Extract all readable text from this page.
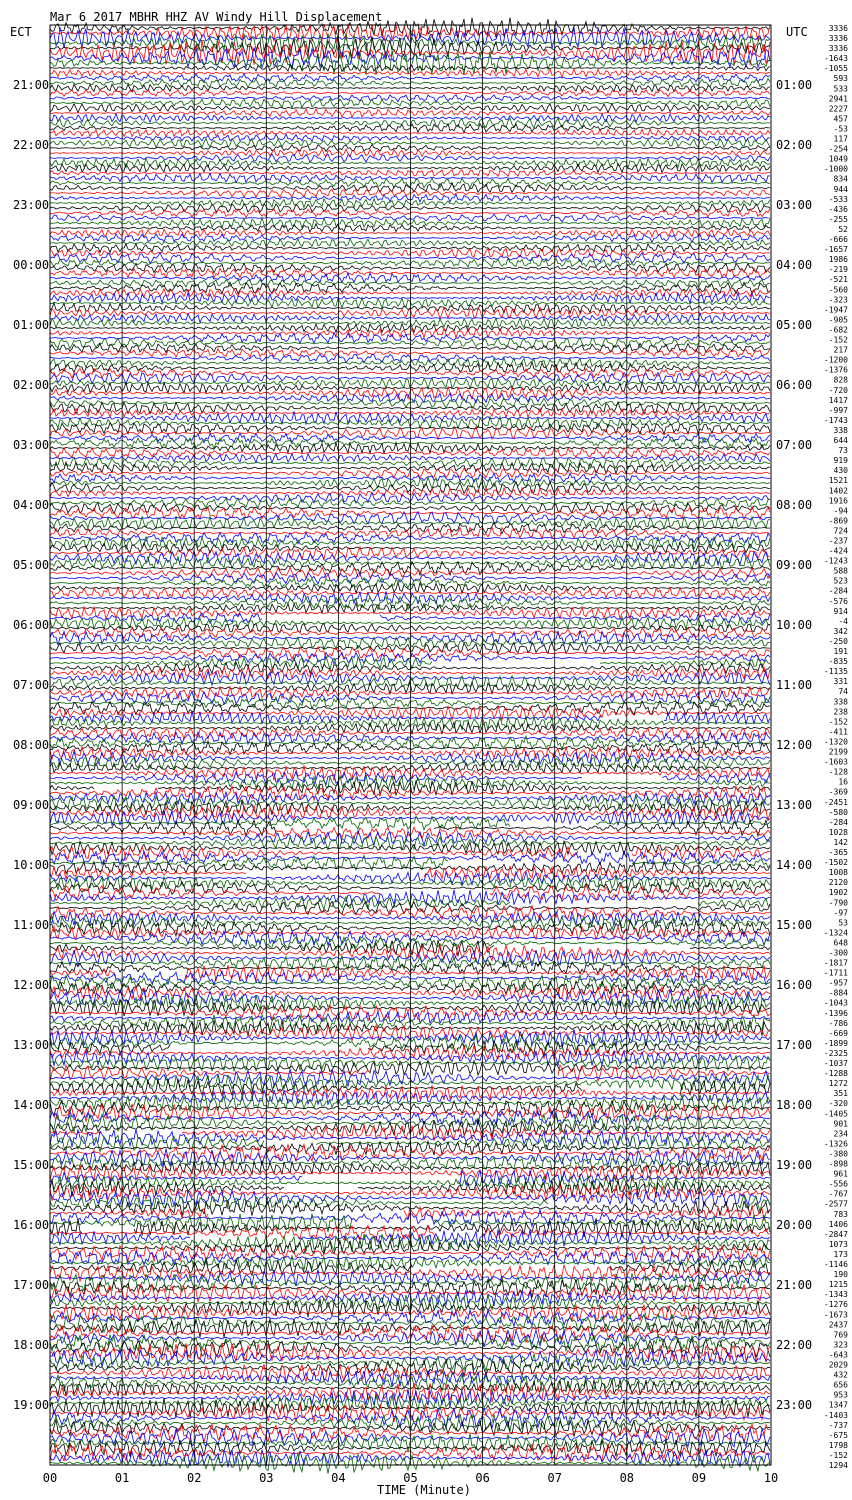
Mar 6 2017 MBHR HHZ AV Windy Hill Displacement
ECT	UTC
21:00
22:00
23:00
00:00
01:00
02:00
03:00
04:00
05:00
06:00
07:00
08:00
09:00
10:00
11:00
12:00
13:00
14:00
15:00
16:00
17:00
18:00
19:00
01:00
02:00
03:00
04:00
05:00
06:00
07:00
08:00
09:00
10:00
11:00
12:00
13:00
14:00
15:00
16:00
17:00
18:00
19:00
20:00
21:00
22:00
23:00
3336
3336
3336
-1643
-1055
593
533
2941
2227
457
-53
117
-254
1049
-1000
834
944
-533
-436
-255
52
-666
-1657
1986
-219
-521
-560
-323
-1947
-905
-682
-152
217
-1200
-1376
828
-720
1417
-997
-1743
338
644
73
919
430
1521
1402
1916
-94
-869
724
-237
-424
-1243
588
523
-284
-576
914
-4
342
-250
191
-835
-1135
331
74
338
238
-152
-411
-1320
2199
-1603
-128
16
-369
-2451
-580
-284
1028
142
-365
-1502
1008
2120
1902
-790
-97
53
-1324
648
-300
-1817
-1711
-957
-884
-1043
-1396
-786
-669
-1899
-2325
-1037
-1288
1272
351
-320
-1405
901
234
-1326
-380
-898
961
-556
-767
-2577
783
1406
-2847
1073
173
-1146
190
1215
-1343
-1276
-1673
2437
769
323
-643
2029
432
656
953
1347
-1403
-737
-675
1798
-152
1294
00	01	02	03	04	05	06	07	08	09	10
TIME (Minute)
